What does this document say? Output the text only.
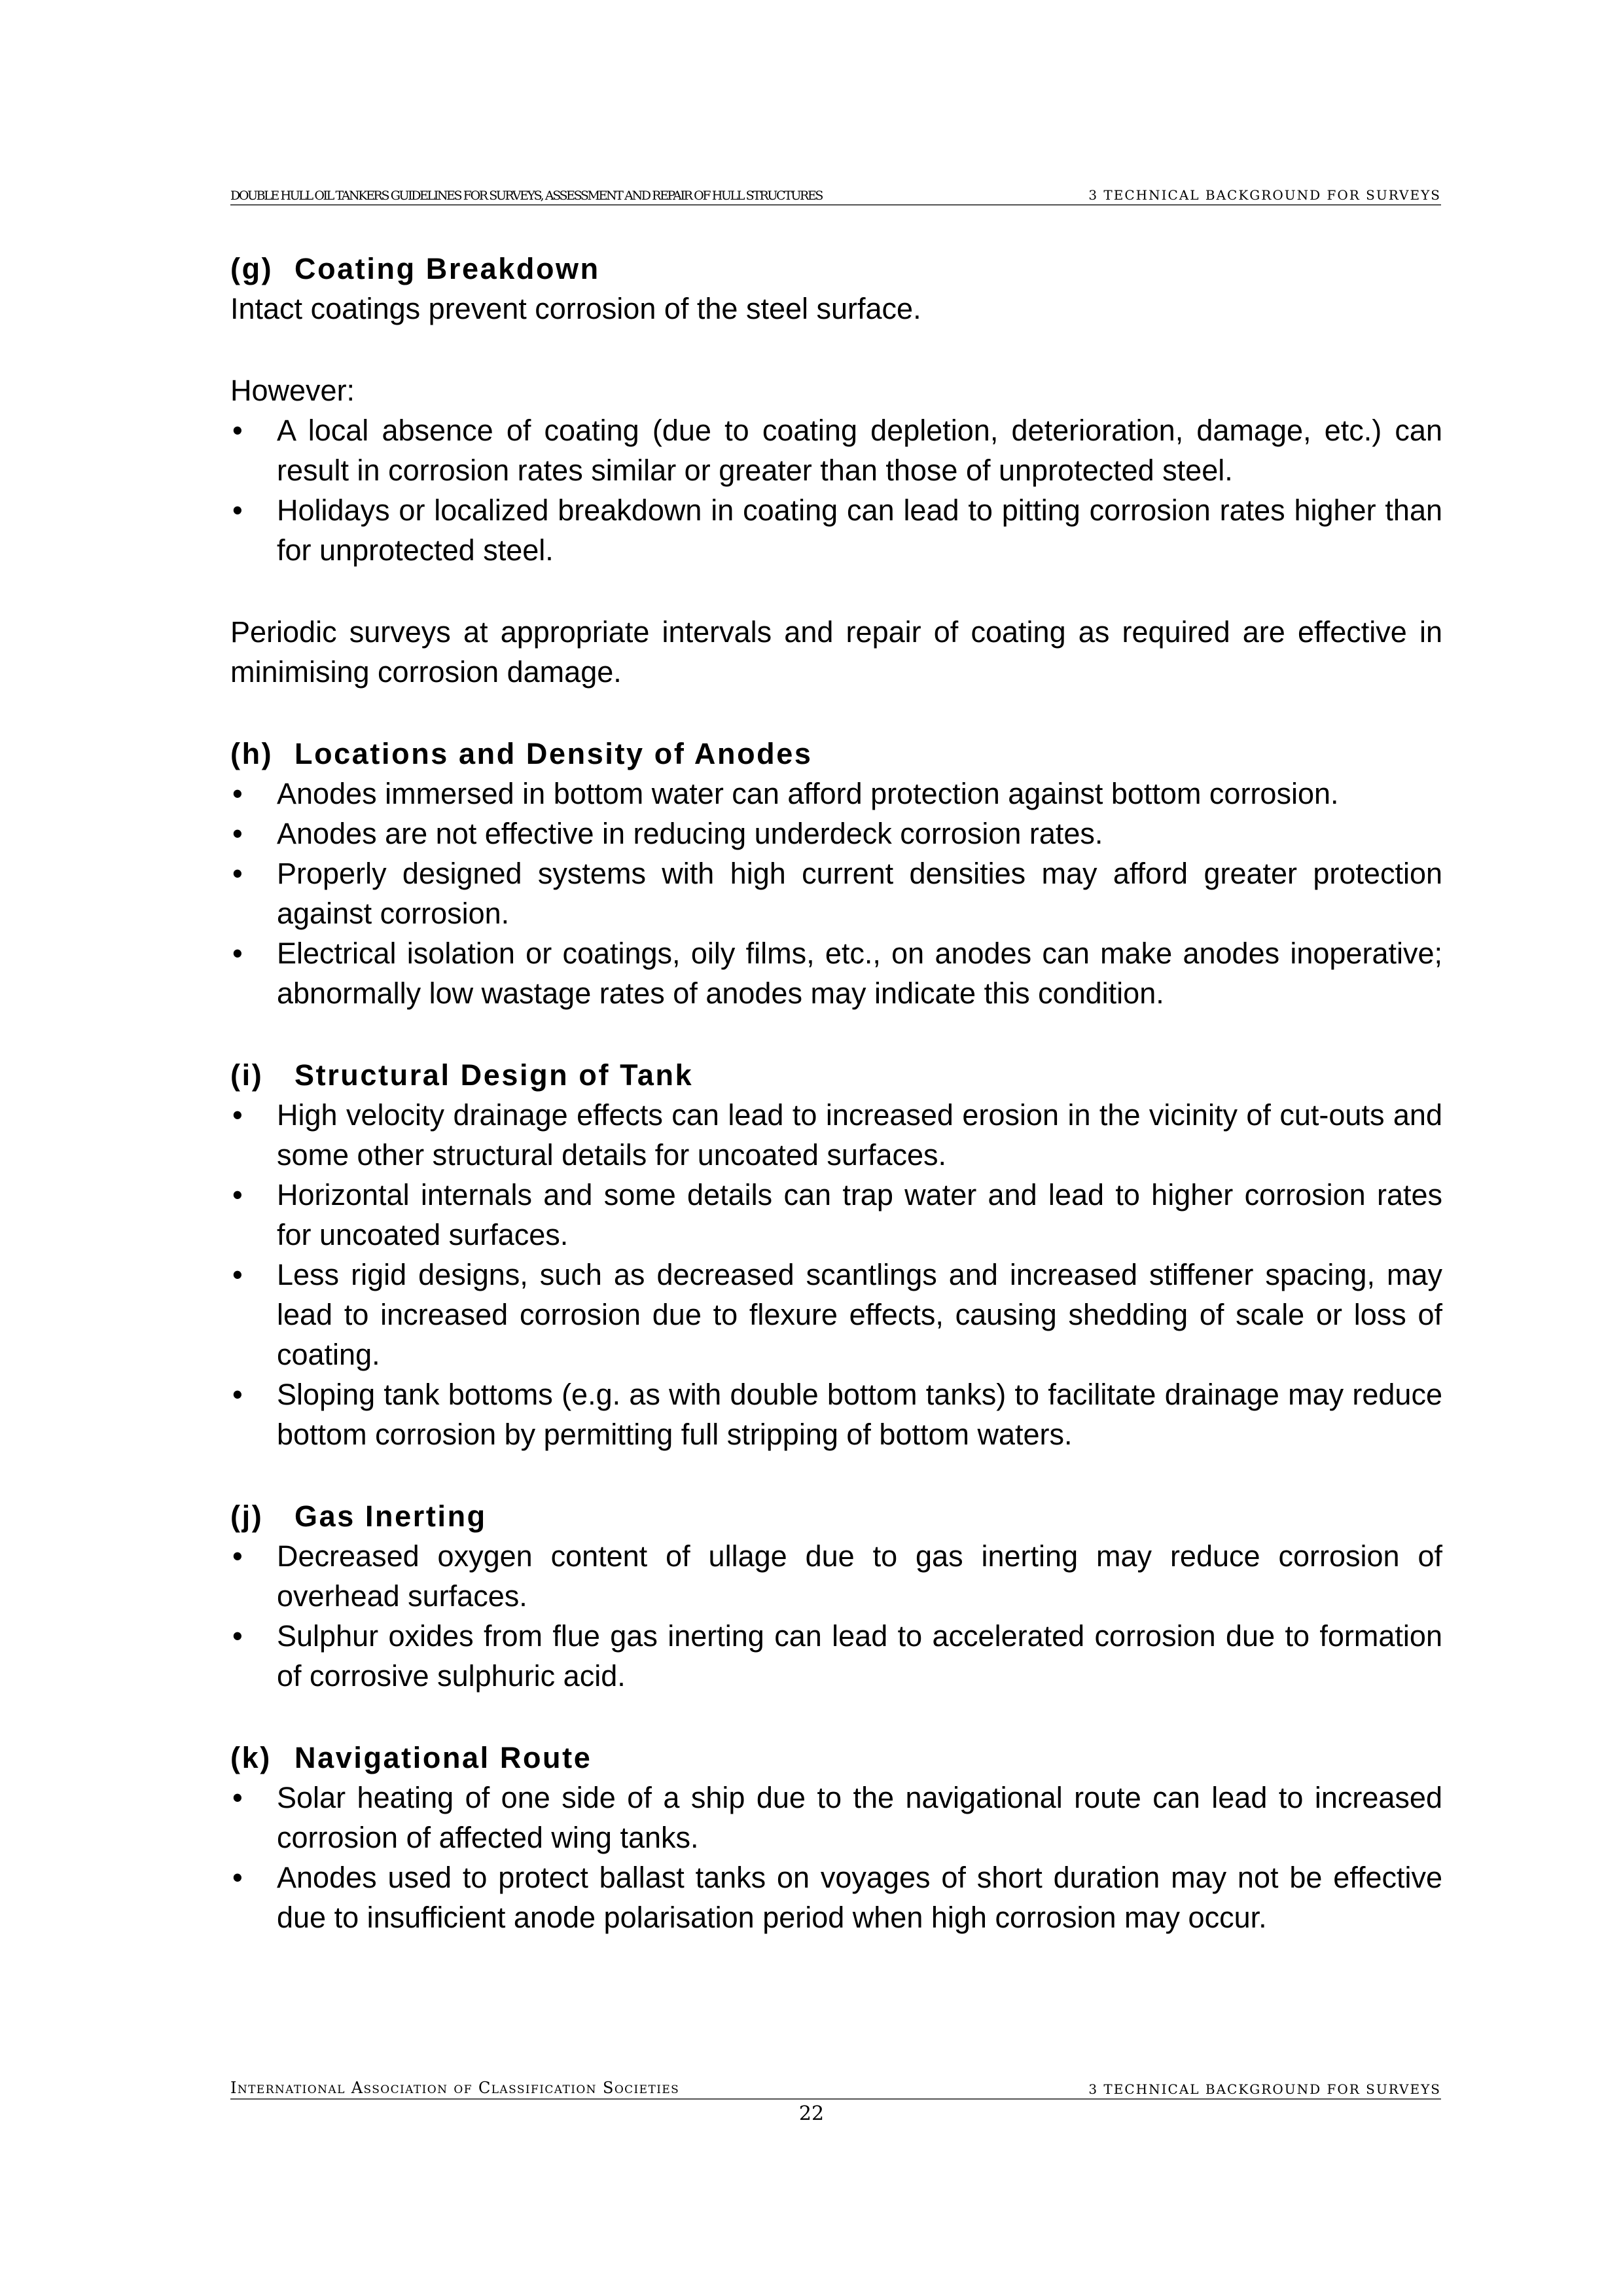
DOUBLE HULL OIL TANKERS GUIDELINES FOR SURVEYS, ASSESSMENT AND REPAIR OF HULL STRUCTURES	3 TECHNICAL BACKGROUND FOR SURVEYS
(g) Coating Breakdown

Intact coatings prevent corrosion of the steel surface.

However:

• A local absence of coating (due to coating depletion, deterioration, damage, etc.) can result in corrosion rates similar or greater than those of unprotected steel.
• Holidays or localized breakdown in coating can lead to pitting corrosion rates higher than for unprotected steel.

Periodic surveys at appropriate intervals and repair of coating as required are effective in minimising corrosion damage.

(h) Locations and Density of Anodes
• Anodes immersed in bottom water can afford protection against bottom corrosion.
• Anodes are not effective in reducing underdeck corrosion rates.
• Properly designed systems with high current densities may afford greater protection against corrosion.
• Electrical isolation or coatings, oily films, etc., on anodes can make anodes inoperative; abnormally low wastage rates of anodes may indicate this condition.
(i) Structural Design of Tank
• High velocity drainage effects can lead to increased erosion in the vicinity of cut-outs and some other structural details for uncoated surfaces.
• Horizontal internals and some details can trap water and lead to higher corrosion rates for uncoated surfaces.
• Less rigid designs, such as decreased scantlings and increased stiffener spacing, may lead to increased corrosion due to flexure effects, causing shedding of scale or loss of coating.
• Sloping tank bottoms (e.g. as with double bottom tanks) to facilitate drainage may reduce bottom corrosion by permitting full stripping of bottom waters.
(j) Gas Inerting
• Decreased oxygen content of ullage due to gas inerting may reduce corrosion of overhead surfaces.
• Sulphur oxides from flue gas inerting can lead to accelerated corrosion due to formation of corrosive sulphuric acid.
(k) Navigational Route
• Solar heating of one side of a ship due to the navigational route can lead to increased corrosion of affected wing tanks.
• Anodes used to protect ballast tanks on voyages of short duration may not be effective due to insufficient anode polarisation period when high corrosion may occur.
International Association of Classification Societies	3 TECHNICAL BACKGROUND FOR SURVEYS
22
